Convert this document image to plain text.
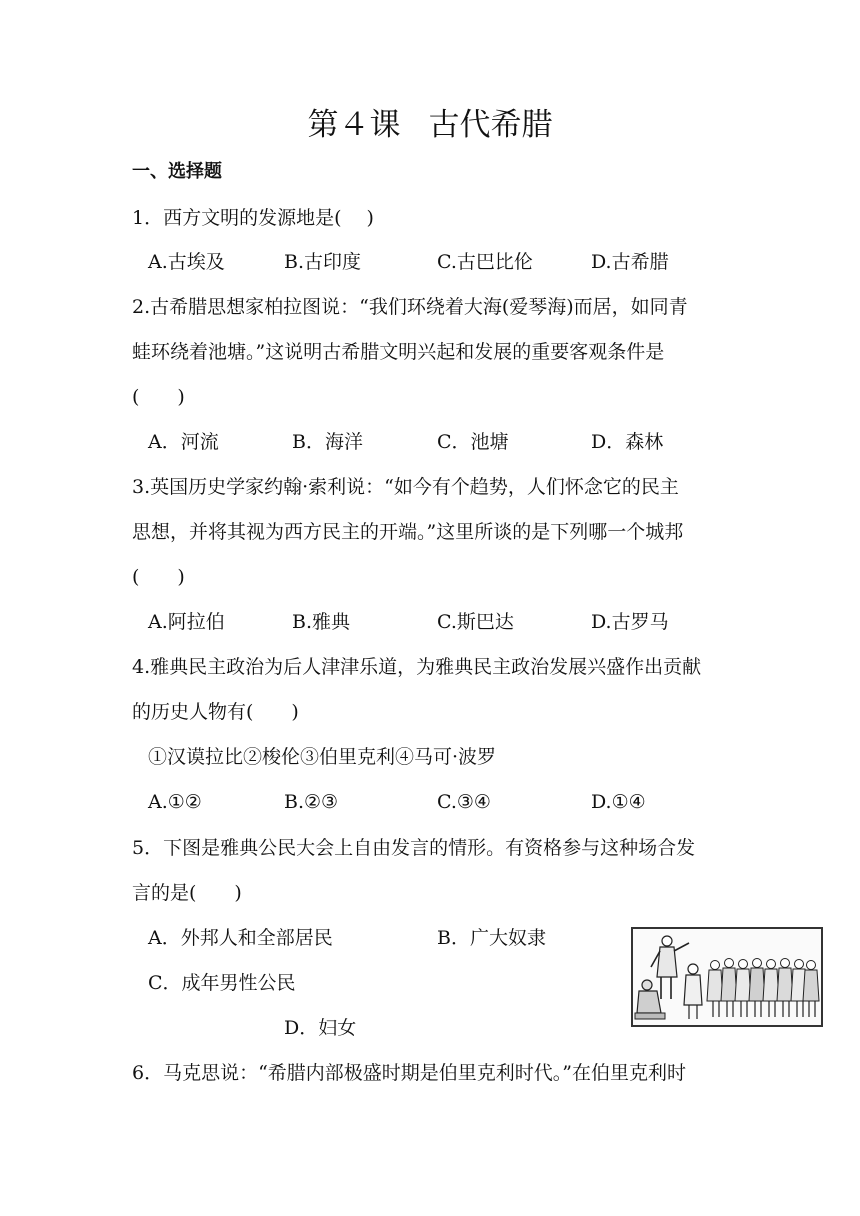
第４课 古代希腊
一、选择题
1．西方文明的发源地是(　 )
A.古埃及	B.古印度	C.古巴比伦	D.古希腊
2.古希腊思想家柏拉图说：“我们环绕着大海(爱琴海)而居，如同青
蛙环绕着池塘。”这说明古希腊文明兴起和发展的重要客观条件是
(　　)
A．河流	B．海洋	C．池塘	D．森林
3.英国历史学家约翰·索利说：“如今有个趋势，人们怀念它的民主
思想，并将其视为西方民主的开端。”这里所谈的是下列哪一个城邦
(　　)
A.阿拉伯	B.雅典	C.斯巴达	D.古罗马
4.雅典民主政治为后人津津乐道，为雅典民主政治发展兴盛作出贡献
的历史人物有(　　)
①汉谟拉比②梭伦③伯里克利④马可·波罗
A.①②	B.②③	C.③④	D.①④
5．下图是雅典公民大会上自由发言的情形。有资格参与这种场合发
言的是(　　)
A．外邦人和全部居民	B．广大奴隶
C．成年男性公民
D．妇女
6．马克思说：“希腊内部极盛时期是伯里克利时代。”在伯里克利时
